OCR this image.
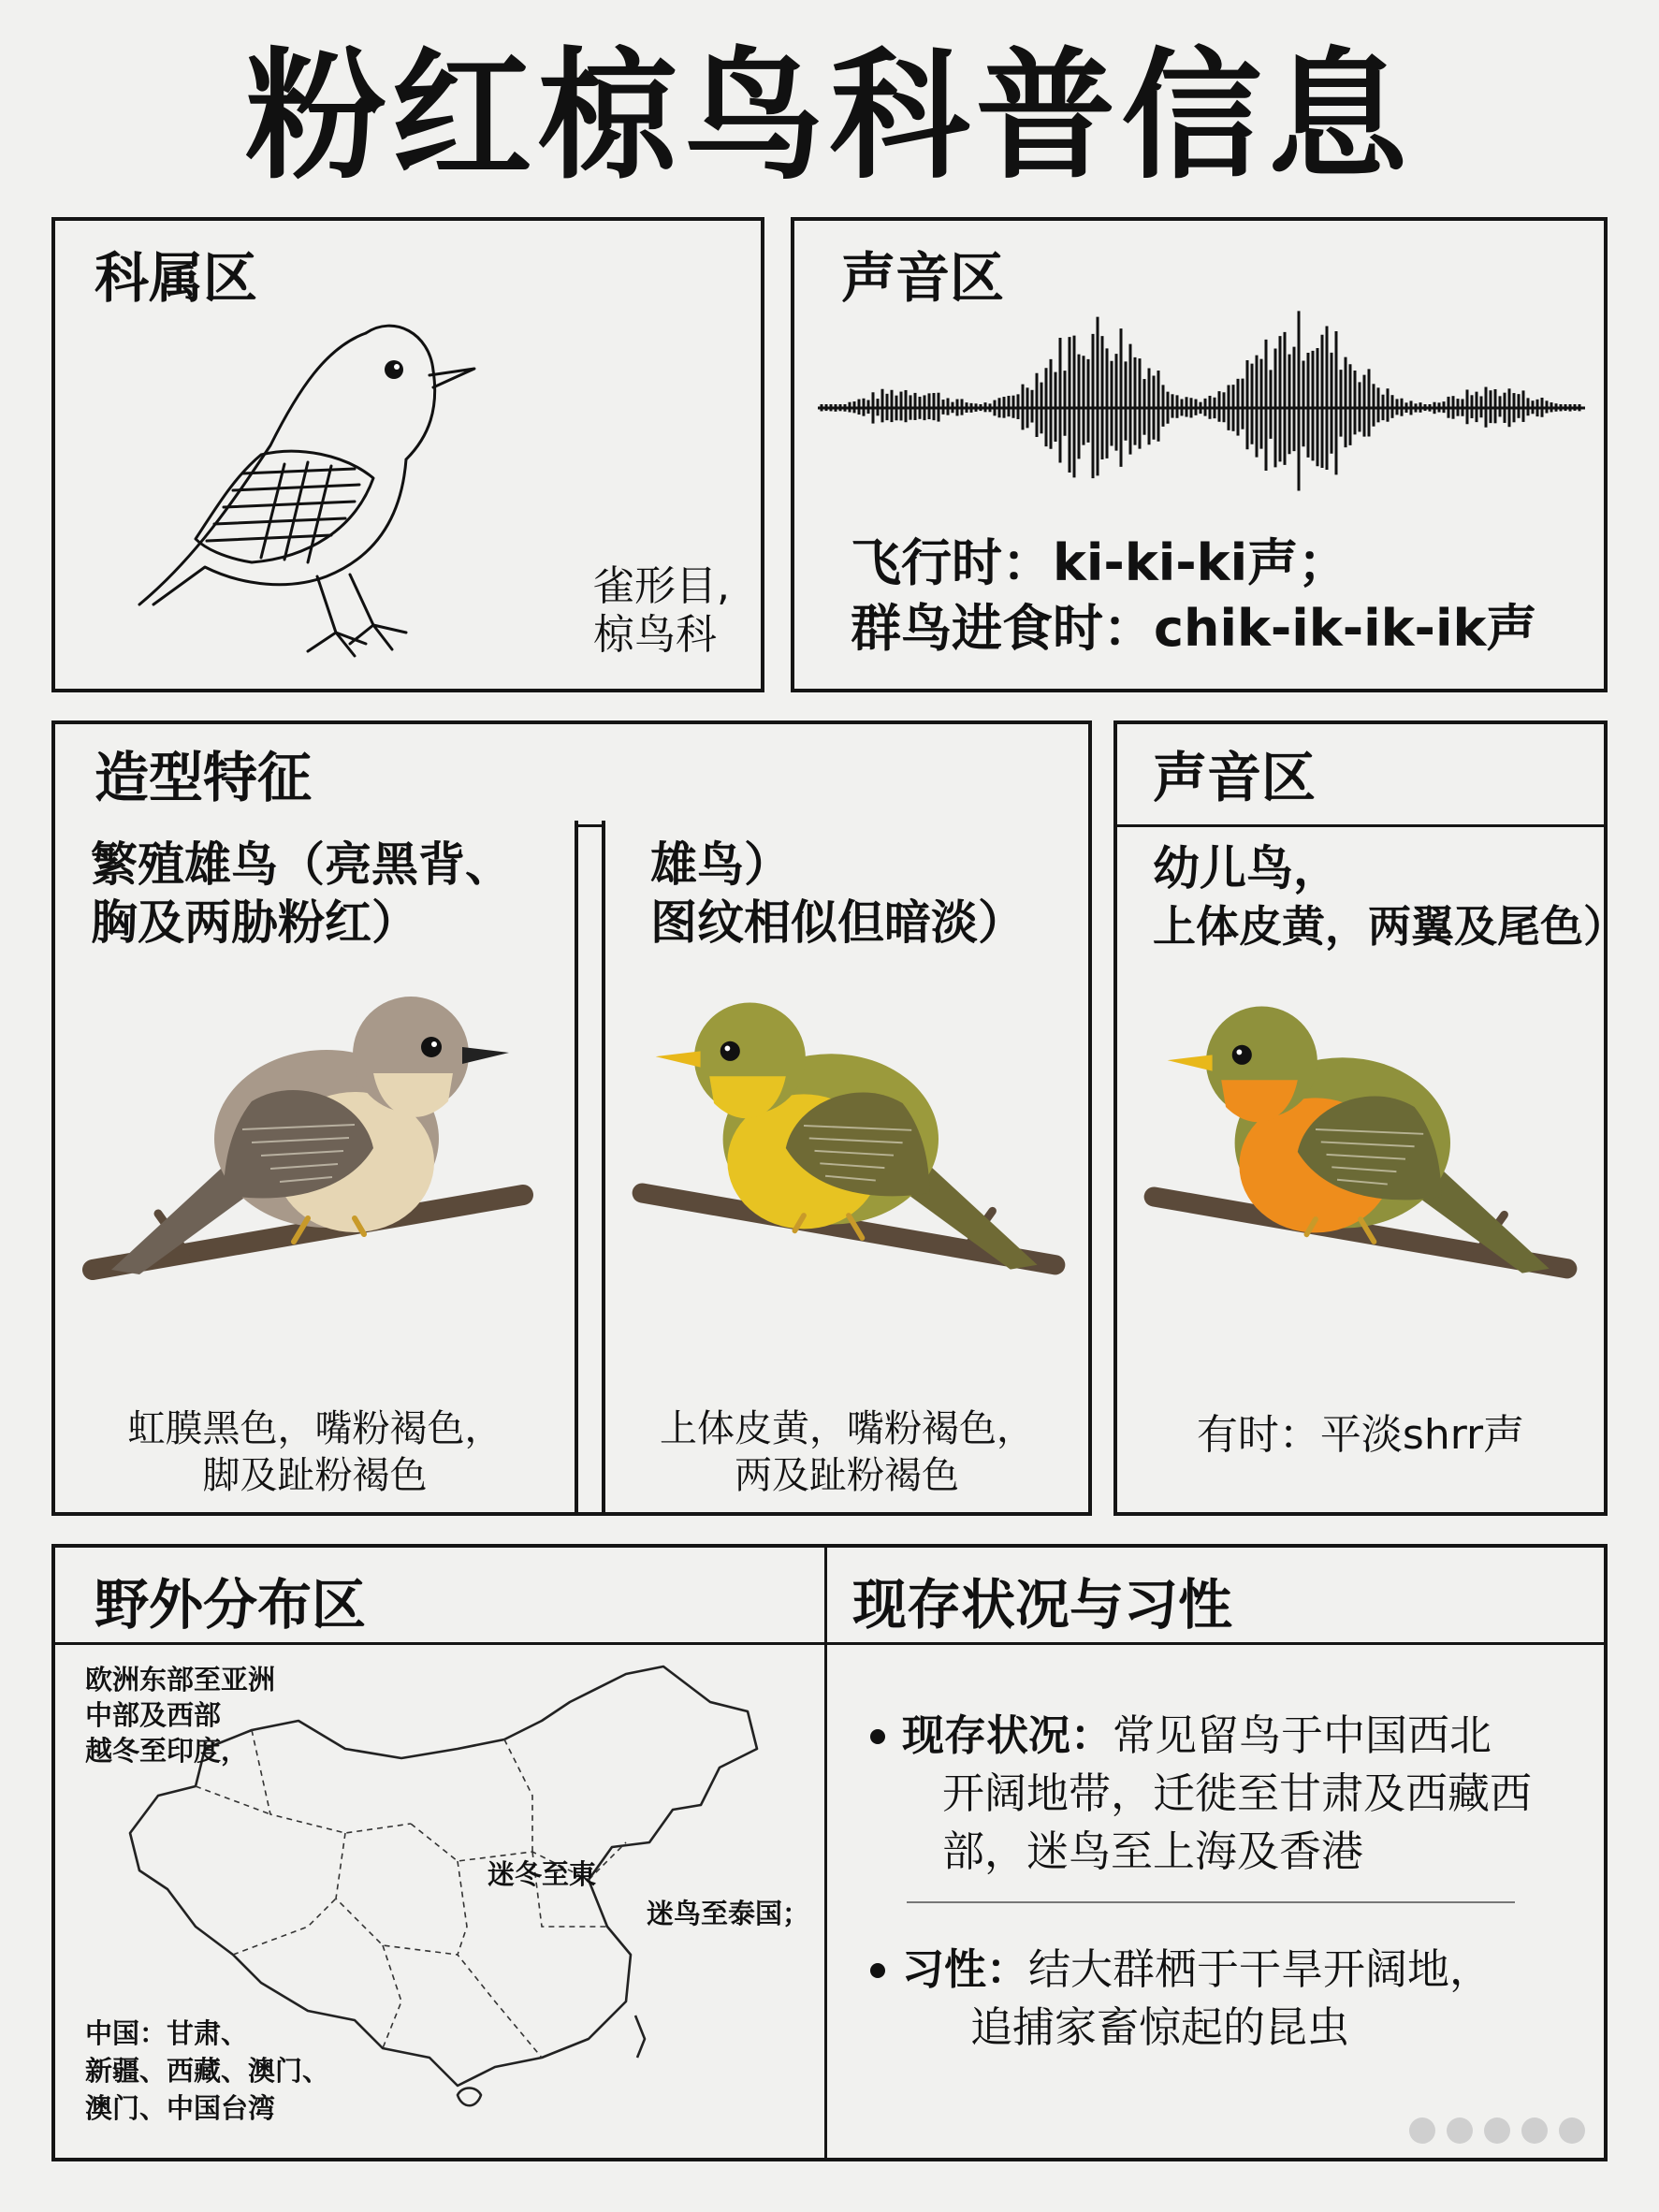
粉红椋鸟科普信息
科属区
雀形目,
椋鸟科
声音区
飞行时：ki-ki-ki声；
群鸟进食时：chik-ik-ik-ik声
造型特征
繁殖雄鸟（亮黑背、
胸及两胁粉红）
虹膜黑色，嘴粉褐色，
脚及趾粉褐色
雄鸟）
图纹相似但暗淡）
上体皮黄，嘴粉褐色，
两及趾粉褐色
声音区
幼儿鸟，
上体皮黄，两翼及尾色）
有时：平淡shrr声
野外分布区	现存状况与习性
欧洲东部至亚洲
中部及西部
越冬至印度，
迷冬至東
迷鸟至泰国；
中国：甘肃、
新疆、西藏、澳门、
澳门、中国台湾
现存状况：常见留鸟于中国西北
开阔地带，迁徙至甘肃及西藏西
部，迷鸟至上海及香港
习性：结大群栖于干旱开阔地，
追捕家畜惊起的昆虫
